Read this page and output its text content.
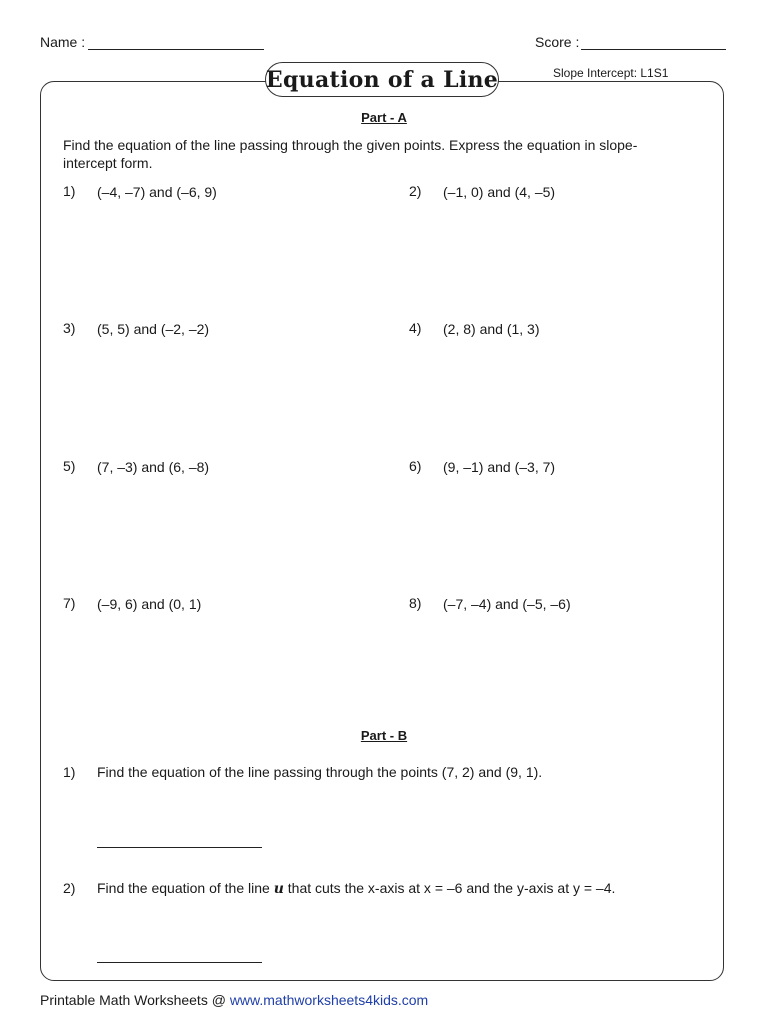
Name :	Score :
Equation of a Line	Slope Intercept: L1S1
Part - A
Find the equation of the line passing through the given points. Express the equation in slope-intercept form.
1) (–4, –7) and (–6, 9)	2) (–1, 0) and (4, –5)
3) (5, 5) and (–2, –2)	4) (2, 8) and (1, 3)
5) (7, –3) and (6, –8)	6) (9, –1) and (–3, 7)
7) (–9, 6) and (0, 1)	8) (–7, –4) and (–5, –6)
Part - B
1) Find the equation of the line passing through the points (7, 2) and (9, 1).
2) Find the equation of the line u that cuts the x-axis at x = –6 and the y-axis at y = –4.
Printable Math Worksheets @ www.mathworksheets4kids.com
